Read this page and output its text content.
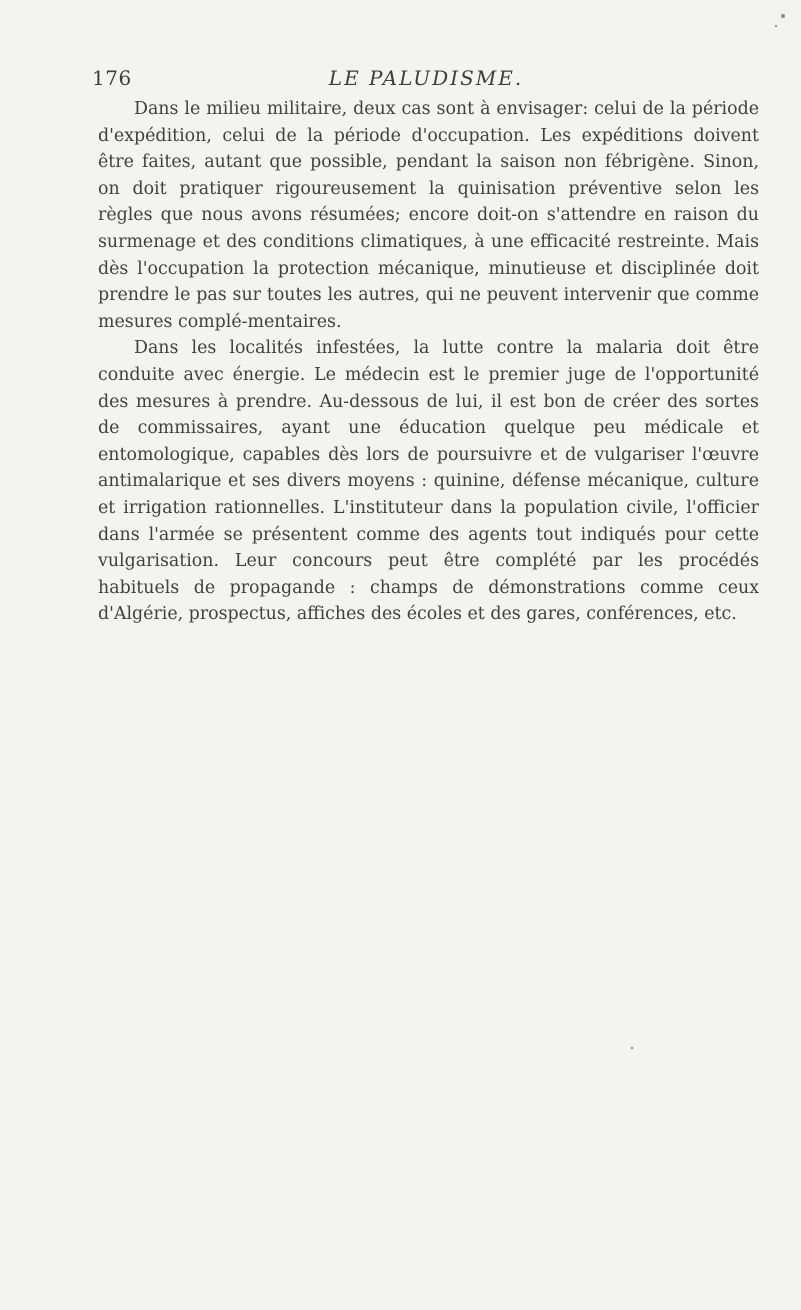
176	LE PALUDISME.

Dans le milieu militaire, deux cas sont à envisager: celui de la période d'expédition, celui de la période d'occupation. Les expéditions doivent être faites, autant que possible, pendant la saison non fébrigène. Sinon, on doit pratiquer rigoureusement la quinisation préventive selon les règles que nous avons résumées; encore doit-on s'attendre en raison du surmenage et des conditions climatiques, à une efficacité restreinte. Mais dès l'occupation la protection mécanique, minutieuse et disciplinée doit prendre le pas sur toutes les autres, qui ne peuvent intervenir que comme mesures complé-mentaires.

Dans les localités infestées, la lutte contre la malaria doit être conduite avec énergie. Le médecin est le premier juge de l'opportunité des mesures à prendre. Au-dessous de lui, il est bon de créer des sortes de commissaires, ayant une éducation quelque peu médicale et entomologique, capables dès lors de poursuivre et de vulgariser l'œuvre antimalarique et ses divers moyens : quinine, défense mécanique, culture et irrigation rationnelles. L'instituteur dans la population civile, l'officier dans l'armée se présentent comme des agents tout indiqués pour cette vulgarisation. Leur concours peut être complété par les procédés habituels de propagande : champs de démonstrations comme ceux d'Algérie, prospectus, affiches des écoles et des gares, conférences, etc.
